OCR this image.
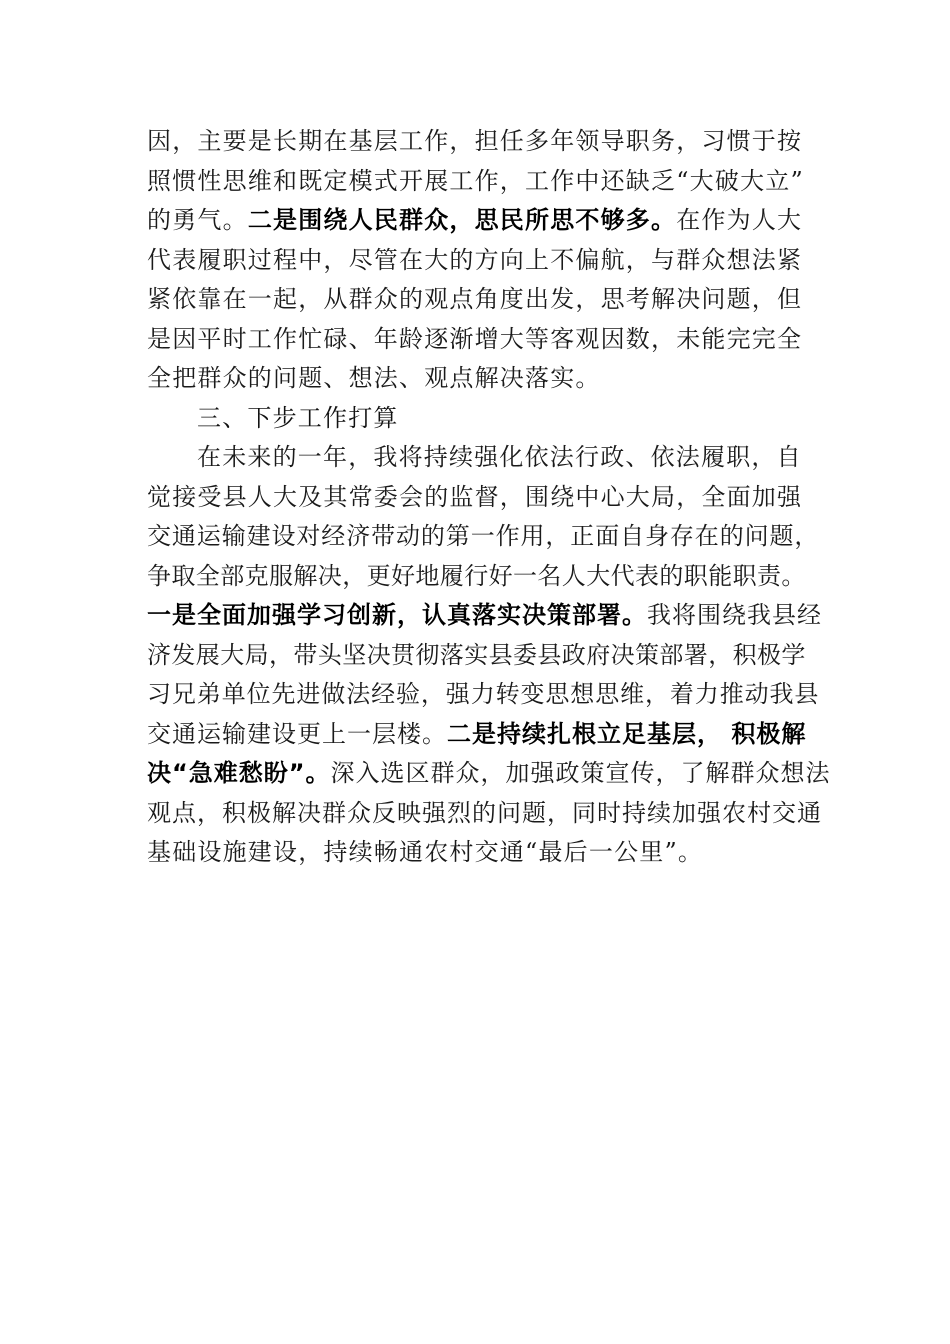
因，主要是长期在基层工作，担任多年领导职务，习惯于按
照惯性思维和既定模式开展工作，工作中还缺乏“大破大立”
的勇气。二是围绕人民群众，思民所思不够多。在作为人大
代表履职过程中，尽管在大的方向上不偏航，与群众想法紧
紧依靠在一起，从群众的观点角度出发，思考解决问题，但
是因平时工作忙碌、年龄逐渐增大等客观因数，未能完完全
全把群众的问题、想法、观点解决落实。
三、下步工作打算
在未来的一年，我将持续强化依法行政、依法履职，自
觉接受县人大及其常委会的监督，围绕中心大局，全面加强
交通运输建设对经济带动的第一作用，正面自身存在的问题，
争取全部克服解决，更好地履行好一名人大代表的职能职责。
一是全面加强学习创新，认真落实决策部署。我将围绕我县经
济发展大局，带头坚决贯彻落实县委县政府决策部署，积极学
习兄弟单位先进做法经验，强力转变思想思维，着力推动我县
交通运输建设更上一层楼。二是持续扎根立足基层， 积极解
决“急难愁盼”。深入选区群众，加强政策宣传，了解群众想法
观点，积极解决群众反映强烈的问题，同时持续加强农村交通
基础设施建设，持续畅通农村交通“最后一公里”。
